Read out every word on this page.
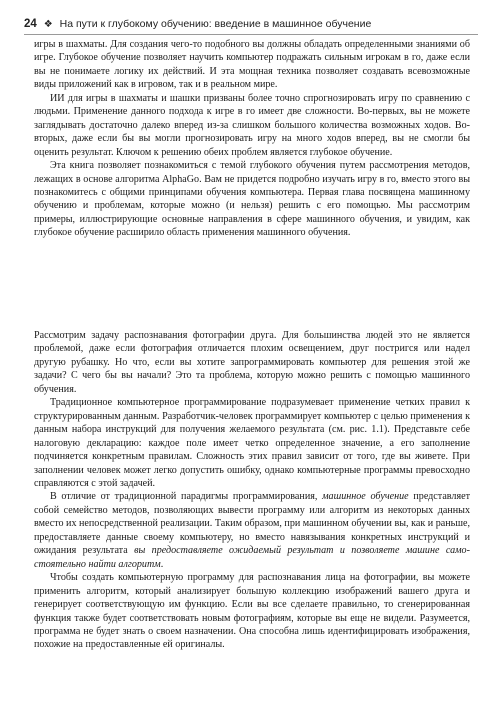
24 ❖ На пути к глубокому обучению: введение в машинное обучение

игры в шахматы. Для создания чего-то подобного вы должны обладать определенными знаниями об игре. Глубокое обучение позволяет научить компьютер подражать сильным игрокам в го, даже если вы не понимаете логику их действий. И эта мощная техника позволяет создавать всевозможные виды приложений как в игровом, так и в реальном мире.

ИИ для игры в шахматы и шашки призваны более точно спрогнозировать игру по сравнению с людьми. Применение данного подхода к игре в го имеет две сложности. Во-первых, вы не можете заглядывать достаточно далеко вперед из-за слишком большого количества возможных ходов. Во-вторых, даже если бы вы могли прогнозировать игру на много ходов вперед, вы не смогли бы оценить результат. Ключом к решению обеих проблем является глубокое обучение.

Эта книга позволяет познакомиться с темой глубокого обучения путем рассмотрения методов, лежащих в основе алгоритма AlphaGo. Вам не придется подробно изучать игру в го, вместо этого вы познакомитесь с общими принципами обучения компьютера. Первая глава посвящена машинному обучению и проблемам, которые можно (и нельзя) решить с его помощью. Мы рассмотрим примеры, иллюстрирующие основные направления в сфере машинного обучения, и увидим, как глубокое обучение расширило область применения машинного обучения.

Рассмотрим задачу распознавания фотографии друга. Для большинства людей это не является проблемой, даже если фотография отличается плохим освещением, друг постригся или надел другую рубашку. Но что, если вы хотите запрограммировать компьютер для решения этой же задачи? С чего бы вы начали? Это та проблема, которую можно решить с помощью машинного обучения.

Традиционное компьютерное программирование подразумевает применение четких правил к структурированным данным. Разработчик-человек программирует компьютер с целью применения к данным набора инструкций для получения желаемого результата (см. рис. 1.1). Представьте себе налоговую декларацию: каждое поле имеет четко определенное значение, а его заполнение подчиняется конкретным правилам. Сложность этих правил зависит от того, где вы живете. При заполнении человек может легко допустить ошибку, однако компьютерные программы превосходно справляются с этой задачей.

В отличие от традиционной парадигмы программирования, машинное обучение представляет собой семейство методов, позволяющих вывести программу или алгоритм из некоторых данных вместо их непосредственной реализации. Таким образом, при машинном обучении вы, как и раньше, предоставляете данные своему компьютеру, но вместо навязывания конкретных инструкций и ожидания результата вы предоставляете ожидаемый результат и позволяете машине самостоятельно найти алгоритм.

Чтобы создать компьютерную программу для распознавания лица на фотографии, вы можете применить алгоритм, который анализирует большую коллекцию изображений вашего друга и генерирует соответствующую им функцию. Если вы все сделаете правильно, то сгенерированная функция также будет соответствовать новым фотографиям, которые вы еще не видели. Разумеется, программа не будет знать о своем назначении. Она способна лишь идентифицировать изображения, похожие на предоставленные ей оригиналы.
